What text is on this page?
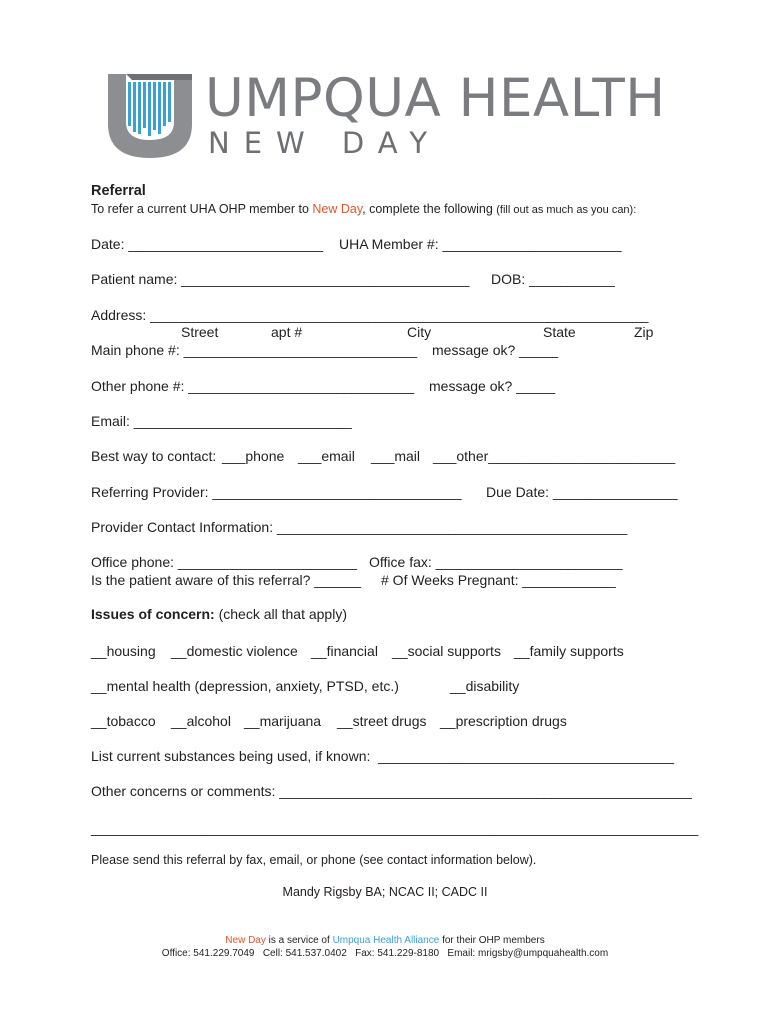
UMPQUA HEALTH
NEW DAY
Referral
To refer a current UHA OHP member to New Day, complete the following (fill out as much as you can):
Date: _________________________ UHA Member #: _______________________
Patient name: _____________________________________ DOB: ___________
Address: ________________________________________________________________
Street	apt #	City	State	Zip
Main phone #: ______________________________ message ok? _____
Other phone #: _____________________________ message ok? _____
Email: ____________________________
Best way to contact: ___phone ___email ___mail ___other________________________
Referring Provider: ________________________________ Due Date: ________________
Provider Contact Information: _____________________________________________
Office phone: _______________________ Office fax: ________________________
Is the patient aware of this referral? ______ # Of Weeks Pregnant: ____________
Issues of concern: (check all that apply)
__housing __domestic violence __financial __social supports __family supports
__mental health (depression, anxiety, PTSD, etc.)	__disability
__tobacco __alcohol __marijuana __street drugs __prescription drugs
List current substances being used, if known:  ______________________________________
Other concerns or comments: _____________________________________________________
______________________________________________________________________________
Please send this referral by fax, email, or phone (see contact information below).
Mandy Rigsby BA; NCAC II; CADC II
New Day is a service of Umpqua Health Alliance for their OHP members
Office: 541.229.7049 Cell: 541.537.0402 Fax: 541.229-8180 Email: mrigsby@umpquahealth.com
